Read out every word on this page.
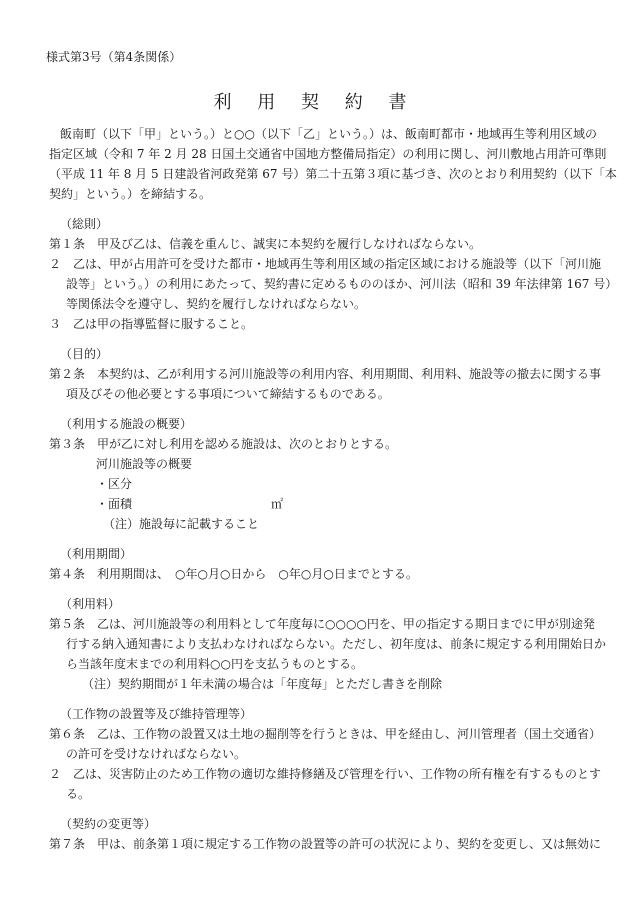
様式第3号（第4条関係）
利 用 契 約 書
飯南町（以下「甲」という。）と○○（以下「乙」という。）は、飯南町都市・地域再生等利用区域の
指定区域（令和 7 年 2 月 28 日国土交通省中国地方整備局指定）の利用に関し、河川敷地占用許可準則
（平成 11 年 8 月 5 日建設省河政発第 67 号）第二十五第３項に基づき、次のとおり利用契約（以下「本
契約」という。）を締結する。
（総則）
第１条　甲及び乙は、信義を重んじ、誠実に本契約を履行しなければならない。
２　乙は、甲が占用許可を受けた都市・地域再生等利用区域の指定区域における施設等（以下「河川施
設等」という。）の利用にあたって、契約書に定めるもののほか、河川法（昭和 39 年法律第 167 号）
等関係法令を遵守し、契約を履行しなければならない。
３　乙は甲の指導監督に服すること。
（目的）
第２条　本契約は、乙が利用する河川施設等の利用内容、利用期間、利用料、施設等の撤去に関する事
項及びその他必要とする事項について締結するものである。
（利用する施設の概要）
第３条　甲が乙に対し利用を認める施設は、次のとおりとする。
河川施設等の概要
・区分
・面積	㎡
（注）施設毎に記載すること
（利用期間）
第４条　利用期間は、　○年○月○日から　○年○月○日までとする。
（利用料）
第５条　乙は、河川施設等の利用料として年度毎に○○○○円を、甲の指定する期日までに甲が別途発
行する納入通知書により支払わなければならない。ただし、初年度は、前条に規定する利用開始日か
ら当該年度末までの利用料○○円を支払うものとする。
（注）契約期間が１年未満の場合は「年度毎」とただし書きを削除
（工作物の設置等及び維持管理等）
第６条　乙は、工作物の設置又は土地の掘削等を行うときは、甲を経由し、河川管理者（国土交通省）
の許可を受けなければならない。
２　乙は、災害防止のため工作物の適切な維持修繕及び管理を行い、工作物の所有権を有するものとす
る。
（契約の変更等）
第７条　甲は、前条第１項に規定する工作物の設置等の許可の状況により、契約を変更し、又は無効に
